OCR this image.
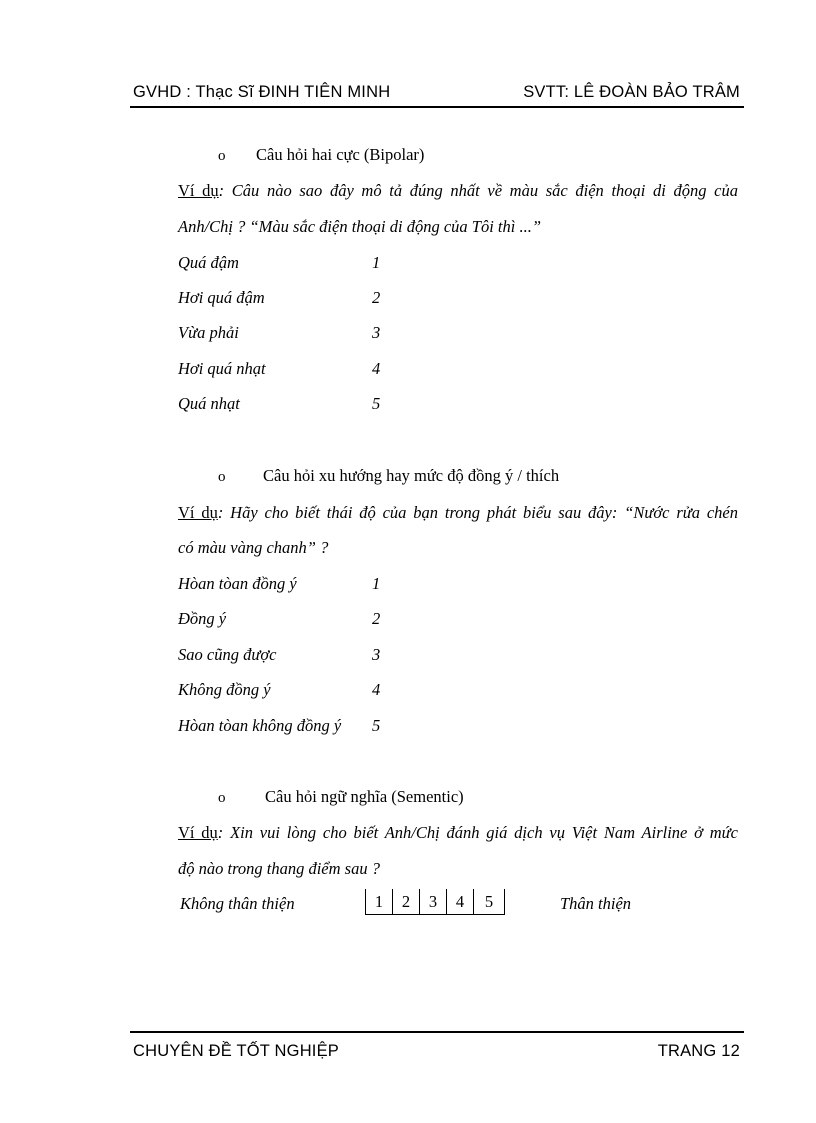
GVHD : Thạc Sĩ ĐINH TIÊN MINH	SVTT: LÊ ĐOÀN BẢO TRÂM
o Câu hỏi hai cực (Bipolar)
Ví dụ: Câu nào sao đây mô tả đúng nhất về màu sắc điện thoại di động của
Anh/Chị ? “Màu sắc điện thoại di động của Tôi thì ...”
Quá đậm	1
Hơi quá đậm	2
Vừa phải	3
Hơi quá nhạt	4
Quá nhạt	5
o Câu hỏi xu hướng hay mức độ đồng ý / thích
Ví dụ: Hãy cho biết thái độ của bạn trong phát biểu sau đây: “Nước rửa chén
có màu vàng chanh” ?
Hòan tòan đồng ý	1
Đồng ý	2
Sao cũng được	3
Không đồng ý	4
Hòan tòan không đồng ý 5
o Câu hỏi ngữ nghĩa (Sementic)
Ví dụ: Xin vui lòng cho biết Anh/Chị đánh giá dịch vụ Việt Nam Airline ở mức
độ nào trong thang điểm sau ?
Không thân thiện	1	2	3	4	5	Thân thiện
CHUYÊN ĐỀ TỐT NGHIỆP	TRANG 12
